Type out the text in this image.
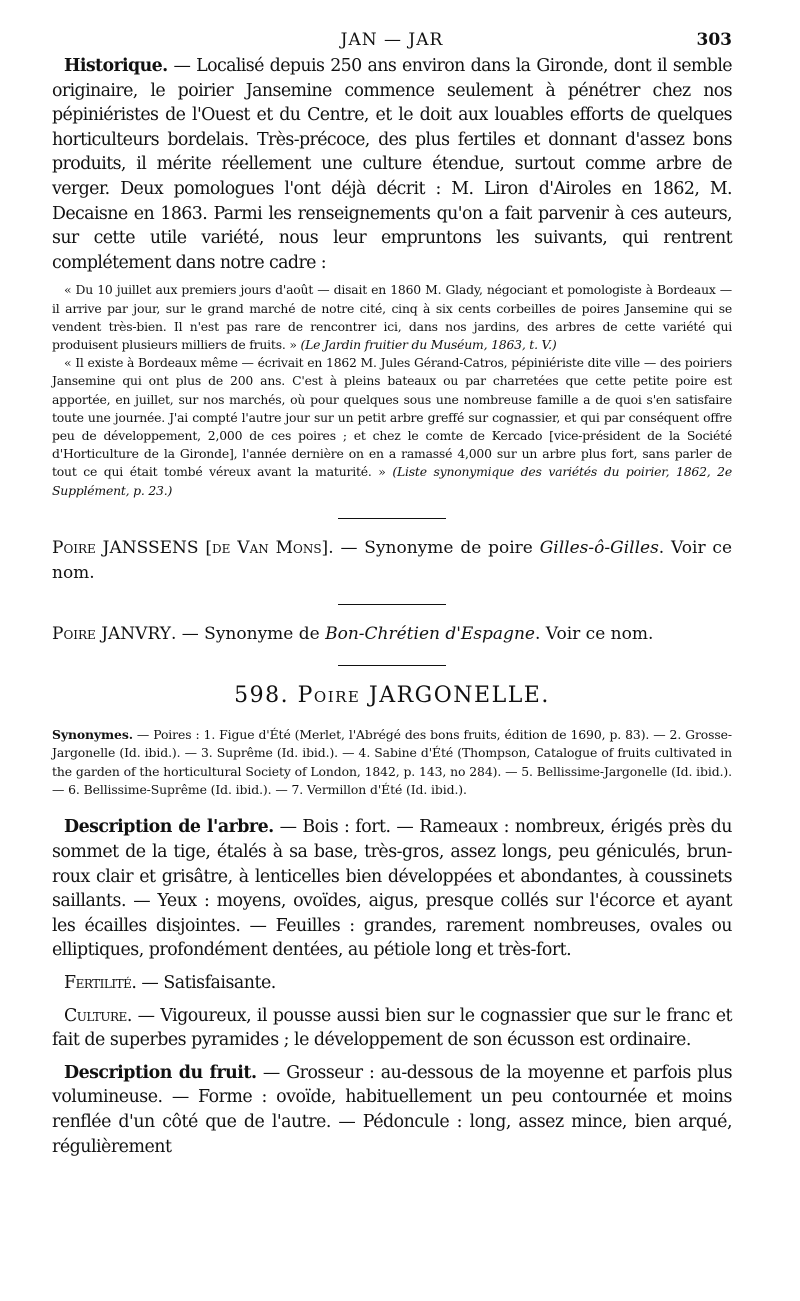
JAN — JAR	303

Historique. — Localisé depuis 250 ans environ dans la Gironde, dont il semble originaire, le poirier Jansemine commence seulement à pénétrer chez nos pépiniéristes de l'Ouest et du Centre, et le doit aux louables efforts de quelques horticulteurs bordelais. Très-précoce, des plus fertiles et donnant d'assez bons produits, il mérite réellement une culture étendue, surtout comme arbre de verger. Deux pomologues l'ont déjà décrit : M. Liron d'Airoles en 1862, M. Decaisne en 1863. Parmi les renseignements qu'on a fait parvenir à ces auteurs, sur cette utile variété, nous leur empruntons les suivants, qui rentrent complétement dans notre cadre :

« Du 10 juillet aux premiers jours d'août — disait en 1860 M. Glady, négociant et pomologiste à Bordeaux — il arrive par jour, sur le grand marché de notre cité, cinq à six cents corbeilles de poires Jansemine qui se vendent très-bien. Il n'est pas rare de rencontrer ici, dans nos jardins, des arbres de cette variété qui produisent plusieurs milliers de fruits. » (Le Jardin fruitier du Muséum, 1863, t. V.)

« Il existe à Bordeaux même — écrivait en 1862 M. Jules Gérand-Catros, pépiniériste dite ville — des poiriers Jansemine qui ont plus de 200 ans. C'est à pleins bateaux ou par charretées que cette petite poire est apportée, en juillet, sur nos marchés, où pour quelques sous une nombreuse famille a de quoi s'en satisfaire toute une journée. J'ai compté l'autre jour sur un petit arbre greffé sur cognassier, et qui par conséquent offre peu de développement, 2,000 de ces poires ; et chez le comte de Kercado [vice-président de la Société d'Horticulture de la Gironde], l'année dernière on en a ramassé 4,000 sur un arbre plus fort, sans parler de tout ce qui était tombé véreux avant la maturité. » (Liste synonymique des variétés du poirier, 1862, 2e Supplément, p. 23.)

Poire JANSSENS [de Van Mons]. — Synonyme de poire Gilles-ô-Gilles. Voir ce nom.

Poire JANVRY. — Synonyme de Bon-Chrétien d'Espagne. Voir ce nom.

598. Poire JARGONELLE.

Synonymes. — Poires : 1. Figue d'Été (Merlet, l'Abrégé des bons fruits, édition de 1690, p. 83). — 2. Grosse-Jargonelle (Id. ibid.). — 3. Suprême (Id. ibid.). — 4. Sabine d'Été (Thompson, Catalogue of fruits cultivated in the garden of the horticultural Society of London, 1842, p. 143, no 284). — 5. Bellissime-Jargonelle (Id. ibid.). — 6. Bellissime-Suprême (Id. ibid.). — 7. Vermillon d'Été (Id. ibid.).

Description de l'arbre. — Bois : fort. — Rameaux : nombreux, érigés près du sommet de la tige, étalés à sa base, très-gros, assez longs, peu géniculés, brun-roux clair et grisâtre, à lenticelles bien développées et abondantes, à coussinets saillants. — Yeux : moyens, ovoïdes, aigus, presque collés sur l'écorce et ayant les écailles disjointes. — Feuilles : grandes, rarement nombreuses, ovales ou elliptiques, profondément dentées, au pétiole long et très-fort.

Fertilité. — Satisfaisante.

Culture. — Vigoureux, il pousse aussi bien sur le cognassier que sur le franc et fait de superbes pyramides ; le développement de son écusson est ordinaire.

Description du fruit. — Grosseur : au-dessous de la moyenne et parfois plus volumineuse. — Forme : ovoïde, habituellement un peu contournée et moins renflée d'un côté que de l'autre. — Pédoncule : long, assez mince, bien arqué, régulièrement
